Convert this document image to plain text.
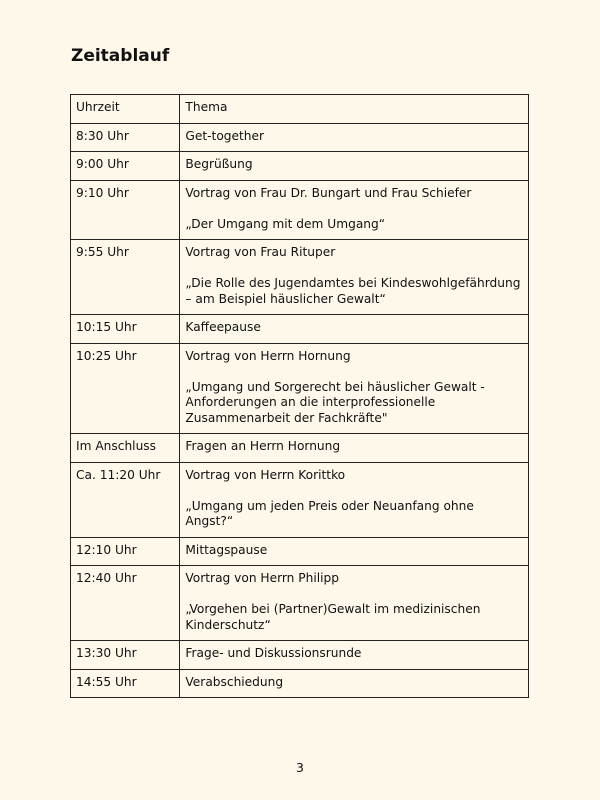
Zeitablauf
Uhrzeit	Thema
8:30 Uhr	Get-together

9:00 Uhr	Begrüßung

9:10 Uhr	Vortrag von Frau Dr. Bungart und Frau Schiefer

„Der Umgang mit dem Umgang“

9:55 Uhr	Vortrag von Frau Rituper

„Die Rolle des Jugendamtes bei Kindeswohlgefährdung – am Beispiel häuslicher Gewalt“

10:15 Uhr	Kaffeepause

10:25 Uhr	Vortrag von Herrn Hornung

„Umgang und Sorgerecht bei häuslicher Gewalt - Anforderungen an die interprofessionelle Zusammenarbeit der Fachkräfte"

Im Anschluss	Fragen an Herrn Hornung

Ca. 11:20 Uhr	Vortrag von Herrn Korittko

„Umgang um jeden Preis oder Neuanfang ohne Angst?“

12:10 Uhr	Mittagspause

12:40 Uhr	Vortrag von Herrn Philipp

„Vorgehen bei (Partner)Gewalt im medizinischen Kinderschutz“

13:30 Uhr	Frage- und Diskussionsrunde

14:55 Uhr	Verabschiedung

3
